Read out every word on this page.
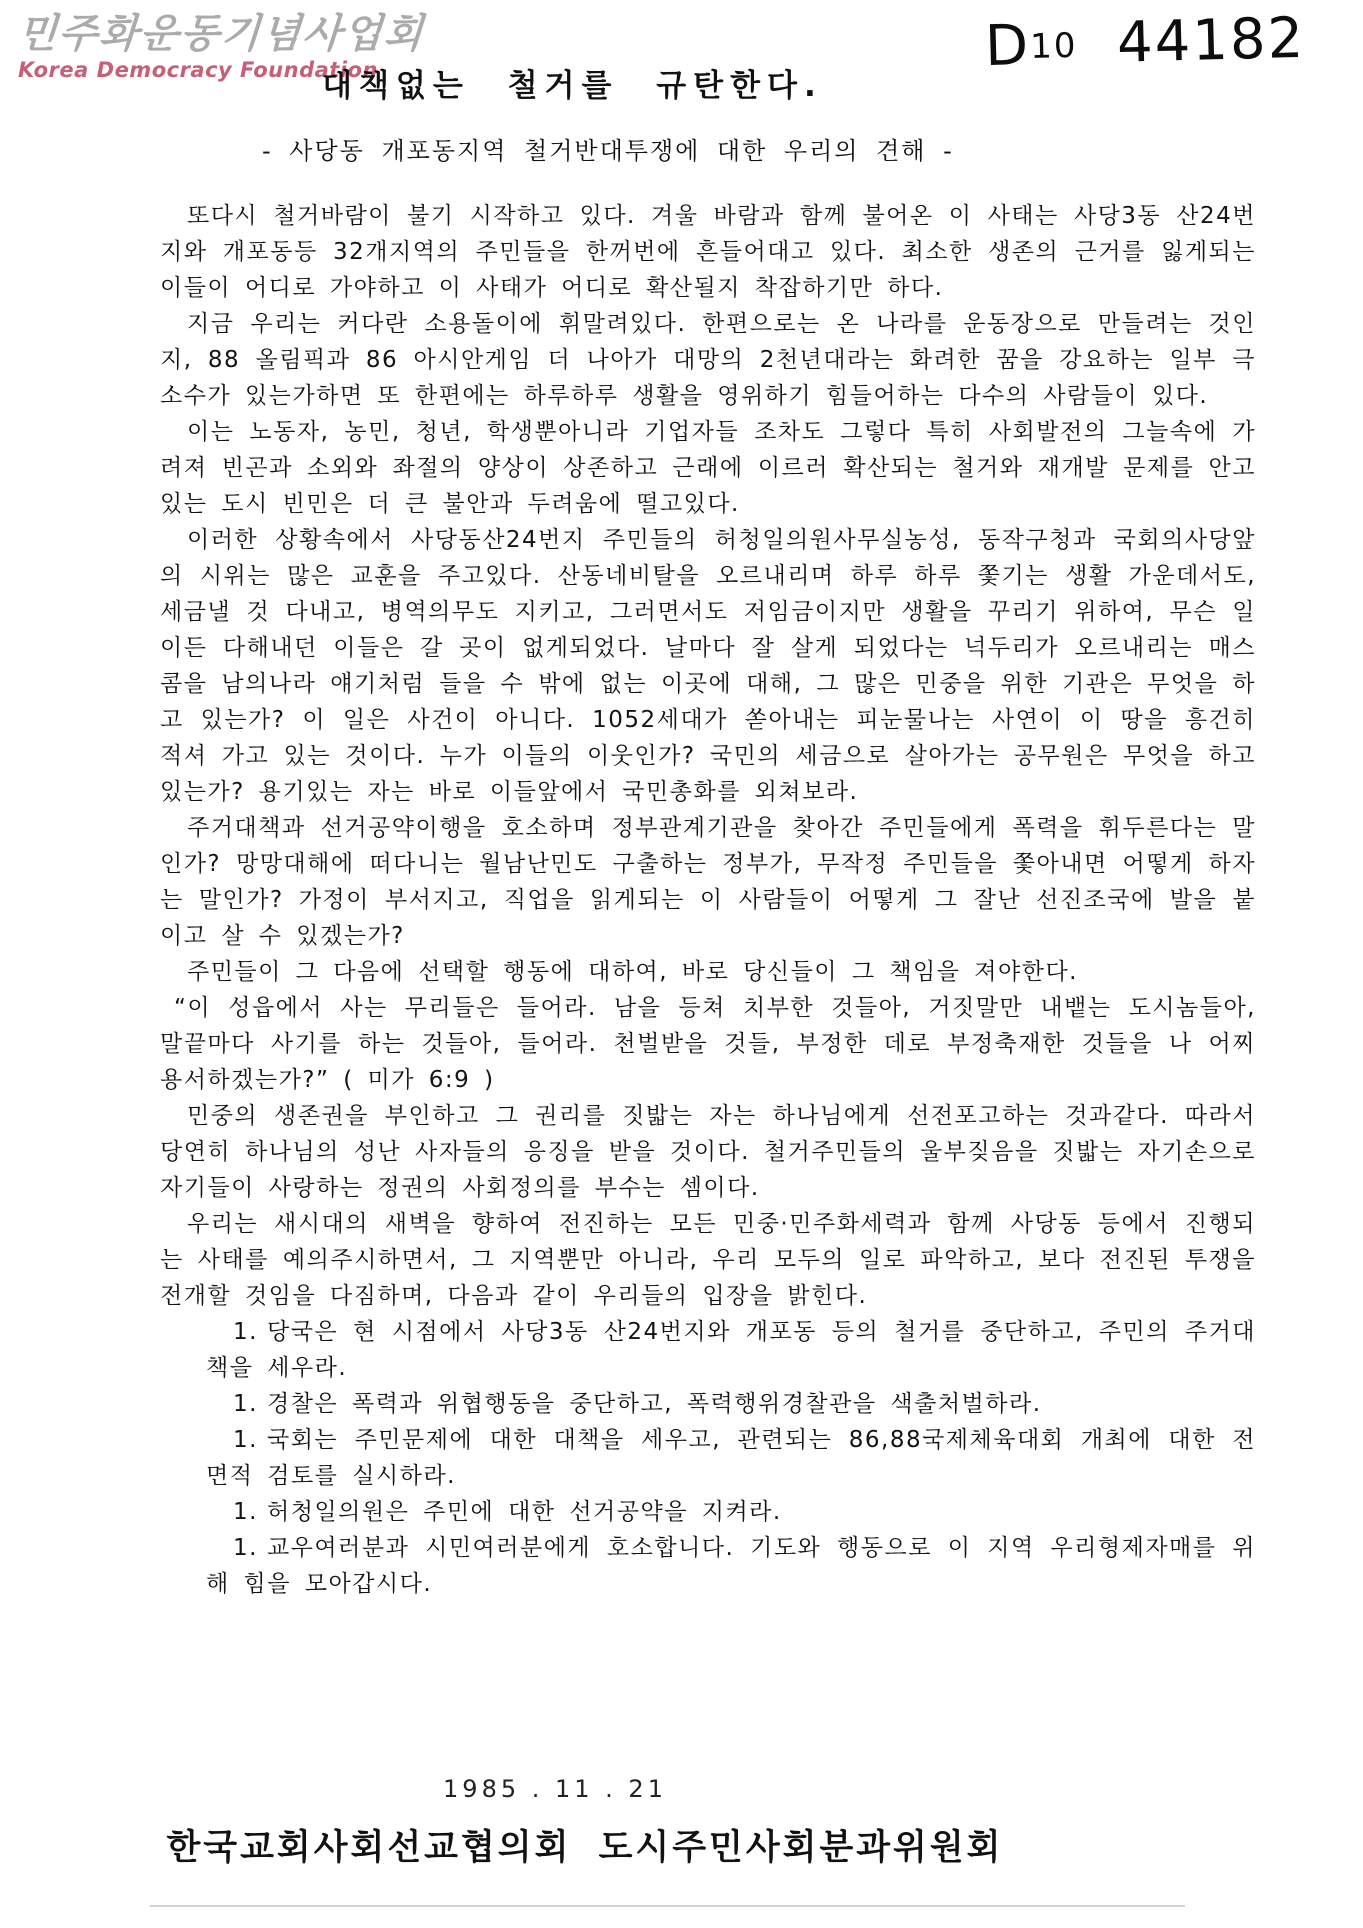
민주화운동기념사업회
Korea Democracy Foundation	D10 44182
대책없는 철거를 규탄한다.
- 사당동 개포동지역 철거반대투쟁에 대한 우리의 견해 -

또다시 철거바람이 불기 시작하고 있다. 겨울 바람과 함께 불어온 이 사태는 사당3동 산24번지와 개포동등 32개지역의 주민들을 한꺼번에 흔들어대고 있다. 최소한 생존의 근거를 잃게되는 이들이 어디로 가야하고 이 사태가 어디로 확산될지 착잡하기만 하다.

지금 우리는 커다란 소용돌이에 휘말려있다. 한편으로는 온 나라를 운동장으로 만들려는 것인지, 88 올림픽과 86 아시안게임 더 나아가 대망의 2천년대라는 화려한 꿈을 강요하는 일부 극소수가 있는가하면 또 한편에는 하루하루 생활을 영위하기 힘들어하는 다수의 사람들이 있다.

이는 노동자, 농민, 청년, 학생뿐아니라 기업자들 조차도 그렇다 특히 사회발전의 그늘속에 가려져 빈곤과 소외와 좌절의 양상이 상존하고 근래에 이르러 확산되는 철거와 재개발 문제를 안고 있는 도시 빈민은 더 큰 불안과 두려움에 떨고있다.

이러한 상황속에서 사당동산24번지 주민들의 허청일의원사무실농성, 동작구청과 국회의사당앞의 시위는 많은 교훈을 주고있다. 산동네비탈을 오르내리며 하루 하루 쫓기는 생활 가운데서도, 세금낼 것 다내고, 병역의무도 지키고, 그러면서도 저임금이지만 생활을 꾸리기 위하여, 무슨 일이든 다해내던 이들은 갈 곳이 없게되었다. 날마다 잘 살게 되었다는 넉두리가 오르내리는 매스콤을 남의나라 얘기처럼 들을 수 밖에 없는 이곳에 대해, 그 많은 민중을 위한 기관은 무엇을 하고 있는가? 이 일은 사건이 아니다. 1052세대가 쏟아내는 피눈물나는 사연이 이 땅을 흥건히 적셔 가고 있는 것이다. 누가 이들의 이웃인가? 국민의 세금으로 살아가는 공무원은 무엇을 하고 있는가? 용기있는 자는 바로 이들앞에서 국민총화를 외쳐보라.

주거대책과 선거공약이행을 호소하며 정부관계기관을 찾아간 주민들에게 폭력을 휘두른다는 말인가? 망망대해에 떠다니는 월남난민도 구출하는 정부가, 무작정 주민들을 쫓아내면 어떻게 하자는 말인가? 가정이 부서지고, 직업을 읽게되는 이 사람들이 어떻게 그 잘난 선진조국에 발을 붙이고 살 수 있겠는가?

주민들이 그 다음에 선택할 행동에 대하여, 바로 당신들이 그 책임을 져야한다.

“이 성읍에서 사는 무리들은 들어라. 남을 등쳐 치부한 것들아, 거짓말만 내뱉는 도시놈들아, 말끝마다 사기를 하는 것들아, 들어라. 천벌받을 것들, 부정한 데로 부정축재한 것들을 나 어찌 용서하겠는가?” ( 미가 6:9 )

민중의 생존권을 부인하고 그 권리를 짓밟는 자는 하나님에게 선전포고하는 것과같다. 따라서 당연히 하나님의 성난 사자들의 응징을 받을 것이다. 철거주민들의 울부짖음을 짓밟는 자기손으로 자기들이 사랑하는 정권의 사회정의를 부수는 셈이다.

우리는 새시대의 새벽을 향하여 전진하는 모든 민중·민주화세력과 함께 사당동 등에서 진행되는 사태를 예의주시하면서, 그 지역뿐만 아니라, 우리 모두의 일로 파악하고, 보다 전진된 투쟁을 전개할 것임을 다짐하며, 다음과 같이 우리들의 입장을 밝힌다.

1. 당국은 현 시점에서 사당3동 산24번지와 개포동 등의 철거를 중단하고, 주민의 주거대책을 세우라.

1. 경찰은 폭력과 위협행동을 중단하고, 폭력행위경찰관을 색출처벌하라.

1. 국회는 주민문제에 대한 대책을 세우고, 관련되는 86,88국제체육대회 개최에 대한 전면적 검토를 실시하라.

1. 허청일의원은 주민에 대한 선거공약을 지켜라.

1. 교우여러분과 시민여러분에게 호소합니다. 기도와 행동으로 이 지역 우리형제자매를 위해 힘을 모아갑시다.

1985 . 11 . 21
한국교회사회선교협의회 도시주민사회분과위원회
